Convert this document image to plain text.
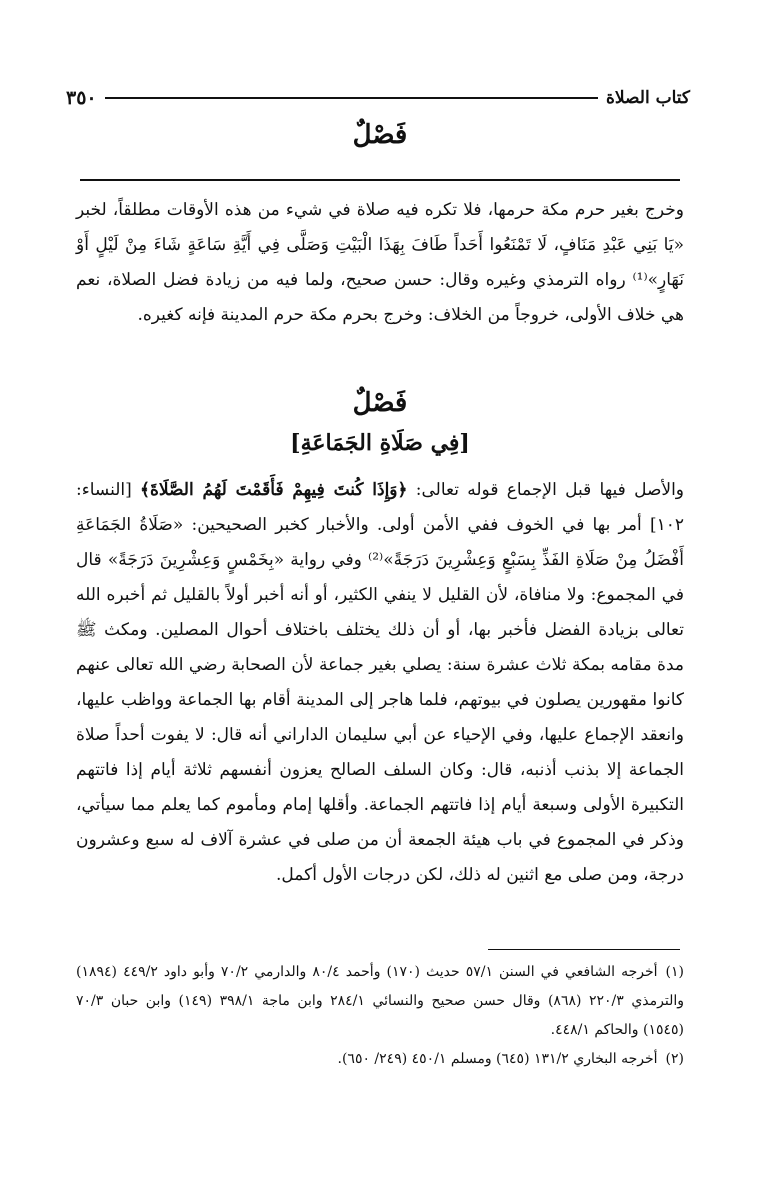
كتاب الصلاة
٣٥٠
فَصْلٌ

وخرج بغير حرم مكة حرمها، فلا تكره فيه صلاة في شيء من هذه الأوقات مطلقاً، لخبر «يَا بَنِي عَبْدِ مَنَافٍ، لَا تَمْنَعُوا أَحَداً طَافَ بِهَذَا الْبَيْتِ وَصَلَّى فِي أَيَّةِ سَاعَةٍ شَاءَ مِنْ لَيْلٍ أَوْ نَهَارٍ»⁽¹⁾ رواه الترمذي وغيره وقال: حسن صحيح، ولما فيه من زيادة فضل الصلاة، نعم هي خلاف الأولى، خروجاً من الخلاف: وخرج بحرم مكة حرم المدينة فإنه كغيره.

فَصْلٌ
[فِي صَلَاةِ الجَمَاعَةِ]

والأصل فيها قبل الإجماع قوله تعالى: ﴿وَإِذَا كُنتَ فِيهِمْ فَأَقَمْتَ لَهُمُ الصَّلَاةَ﴾ [النساء: ١٠٢] أمر بها في الخوف ففي الأمن أولى. والأخبار كخبر الصحيحين: «صَلَاةُ الجَمَاعَةِ أَفْضَلُ مِنْ صَلَاةِ الفَذِّ بِسَبْعٍ وَعِشْرِينَ دَرَجَةً»⁽²⁾ وفي رواية «بِخَمْسٍ وَعِشْرِينَ دَرَجَةً» قال في المجموع: ولا منافاة، لأن القليل لا ينفي الكثير، أو أنه أخبر أولاً بالقليل ثم أخبره الله تعالى بزيادة الفضل فأخبر بها، أو أن ذلك يختلف باختلاف أحوال المصلين. ومكث ﷺ مدة مقامه بمكة ثلاث عشرة سنة: يصلي بغير جماعة لأن الصحابة رضي الله تعالى عنهم كانوا مقهورين يصلون في بيوتهم، فلما هاجر إلى المدينة أقام بها الجماعة وواظب عليها، وانعقد الإجماع عليها، وفي الإحياء عن أبي سليمان الداراني أنه قال: لا يفوت أحداً صلاة الجماعة إلا بذنب أذنبه، قال: وكان السلف الصالح يعزون أنفسهم ثلاثة أيام إذا فاتتهم التكبيرة الأولى وسبعة أيام إذا فاتتهم الجماعة. وأقلها إمام ومأموم كما يعلم مما سيأتي، وذكر في المجموع في باب هيئة الجمعة أن من صلى في عشرة آلاف له سبع وعشرون درجة، ومن صلى مع اثنين له ذلك، لكن درجات الأول أكمل.

(١)أخرجه الشافعي في السنن ٥٧/١ حديث (١٧٠) وأحمد ٨٠/٤ والدارمي ٧٠/٢ وأبو داود ٤٤٩/٢ (١٨٩٤) والترمذي ٢٢٠/٣ (٨٦٨) وقال حسن صحيح والنسائي ٢٨٤/١ وابن ماجة ٣٩٨/١ (١٤٩) وابن حبان ٧٠/٣ (١٥٤٥) والحاكم ٤٤٨/١.

(٢)أخرجه البخاري ١٣١/٢ (٦٤٥) ومسلم ٤٥٠/١ (٢٤٩/ ٦٥٠).
